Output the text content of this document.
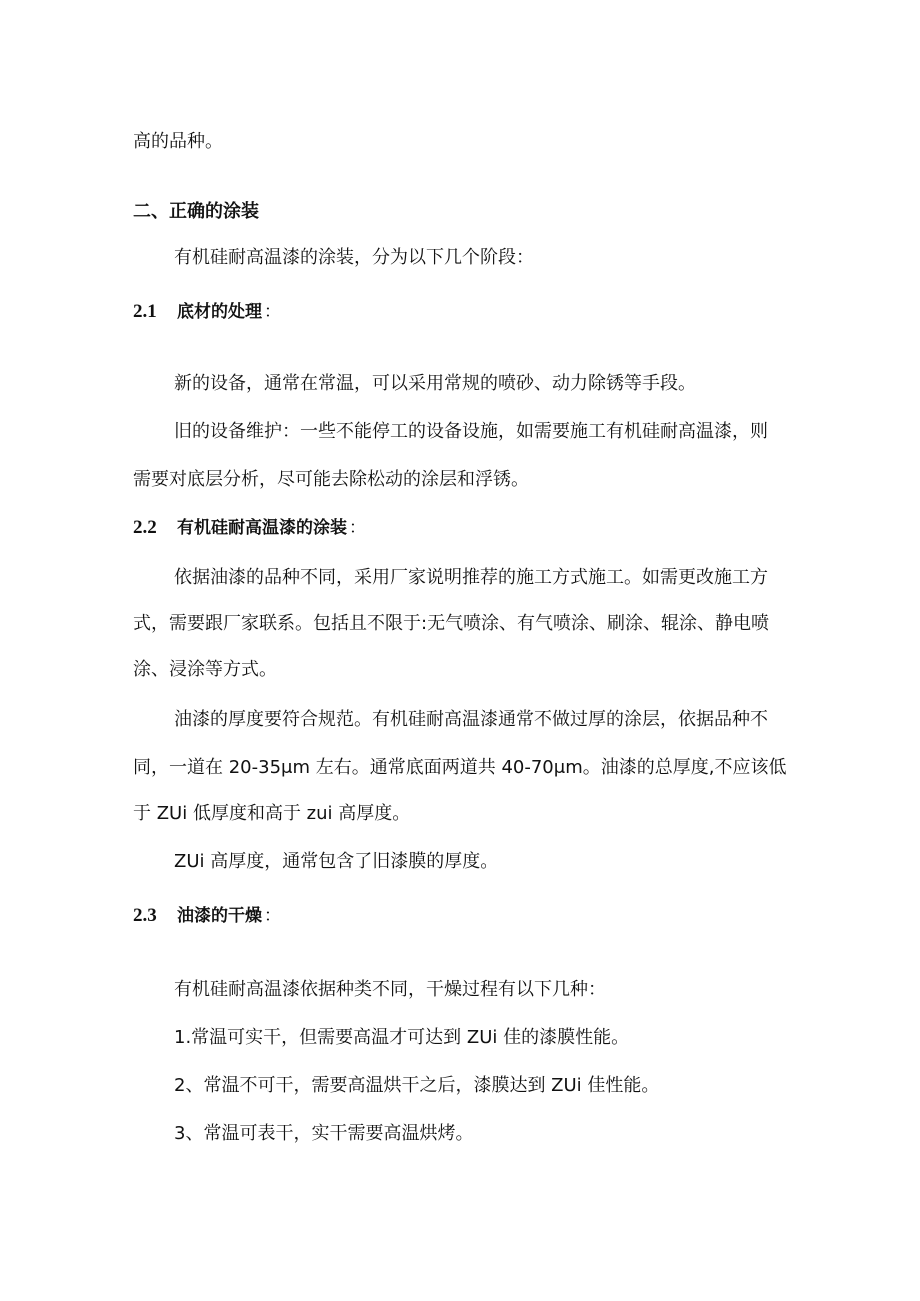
高的品种。
二、正确的涂装
有机硅耐高温漆的涂装，分为以下几个阶段：
2.1	底材的处理 ：
新的设备，通常在常温，可以采用常规的喷砂、动力除锈等手段。
旧的设备维护：一些不能停工的设备设施，如需要施工有机硅耐高温漆，则
需要对底层分析，尽可能去除松动的涂层和浮锈。
2.2	有机硅耐高温漆的涂装 ：
依据油漆的品种不同，采用厂家说明推荐的施工方式施工。如需更改施工方
式，需要跟厂家联系。包括且不限于:无气喷涂、有气喷涂、刷涂、辊涂、静电喷
涂、浸涂等方式。
油漆的厚度要符合规范。有机硅耐高温漆通常不做过厚的涂层，依据品种不
同，一道在 20-35μm 左右。通常底面两道共 40-70μm。油漆的总厚度,不应该低
于 ZUi 低厚度和高于 zui 高厚度。
ZUi 高厚度，通常包含了旧漆膜的厚度。
2.3	油漆的干燥 ：
有机硅耐高温漆依据种类不同，干燥过程有以下几种：
1.常温可实干，但需要高温才可达到 ZUi 佳的漆膜性能。
2、常温不可干，需要高温烘干之后，漆膜达到 ZUi 佳性能。
3、常温可表干，实干需要高温烘烤。
